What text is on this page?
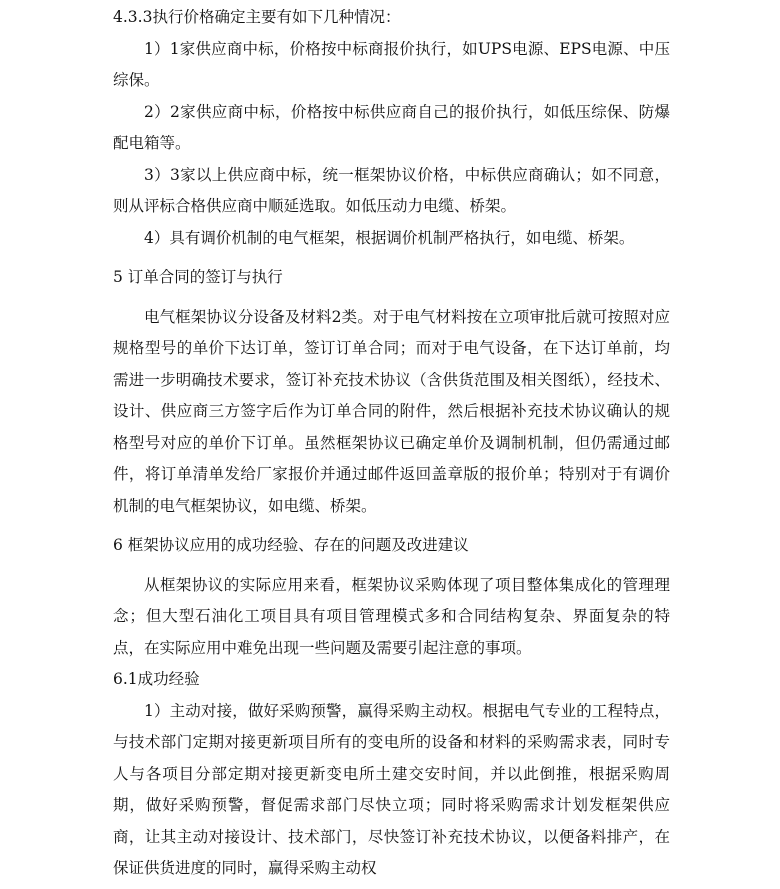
4.3.3执行价格确定主要有如下几种情况：

1）1家供应商中标，价格按中标商报价执行，如UPS电源、EPS电源、中压综保。

2）2家供应商中标，价格按中标供应商自己的报价执行，如低压综保、防爆配电箱等。

3）3家以上供应商中标，统一框架协议价格，中标供应商确认；如不同意，则从评标合格供应商中顺延选取。如低压动力电缆、桥架。

4）具有调价机制的电气框架，根据调价机制严格执行，如电缆、桥架。

5 订单合同的签订与执行

电气框架协议分设备及材料2类。对于电气材料按在立项审批后就可按照对应规格型号的单价下达订单，签订订单合同；而对于电气设备，在下达订单前，均需进一步明确技术要求，签订补充技术协议（含供货范围及相关图纸），经技术、设计、供应商三方签字后作为订单合同的附件，然后根据补充技术协议确认的规格型号对应的单价下订单。虽然框架协议已确定单价及调制机制，但仍需通过邮件，将订单清单发给厂家报价并通过邮件返回盖章版的报价单；特别对于有调价机制的电气框架协议，如电缆、桥架。

6 框架协议应用的成功经验、存在的问题及改进建议

从框架协议的实际应用来看，框架协议采购体现了项目整体集成化的管理理念；但大型石油化工项目具有项目管理模式多和合同结构复杂、界面复杂的特点，在实际应用中难免出现一些问题及需要引起注意的事项。

6.1成功经验

1）主动对接，做好采购预警，赢得采购主动权。根据电气专业的工程特点，与技术部门定期对接更新项目所有的变电所的设备和材料的采购需求表，同时专人与各项目分部定期对接更新变电所土建交安时间，并以此倒推，根据采购周期，做好采购预警，督促需求部门尽快立项；同时将采购需求计划发框架供应商，让其主动对接设计、技术部门，尽快签订补充技术协议，以便备料排产，在保证供货进度的同时，赢得采购主动权
